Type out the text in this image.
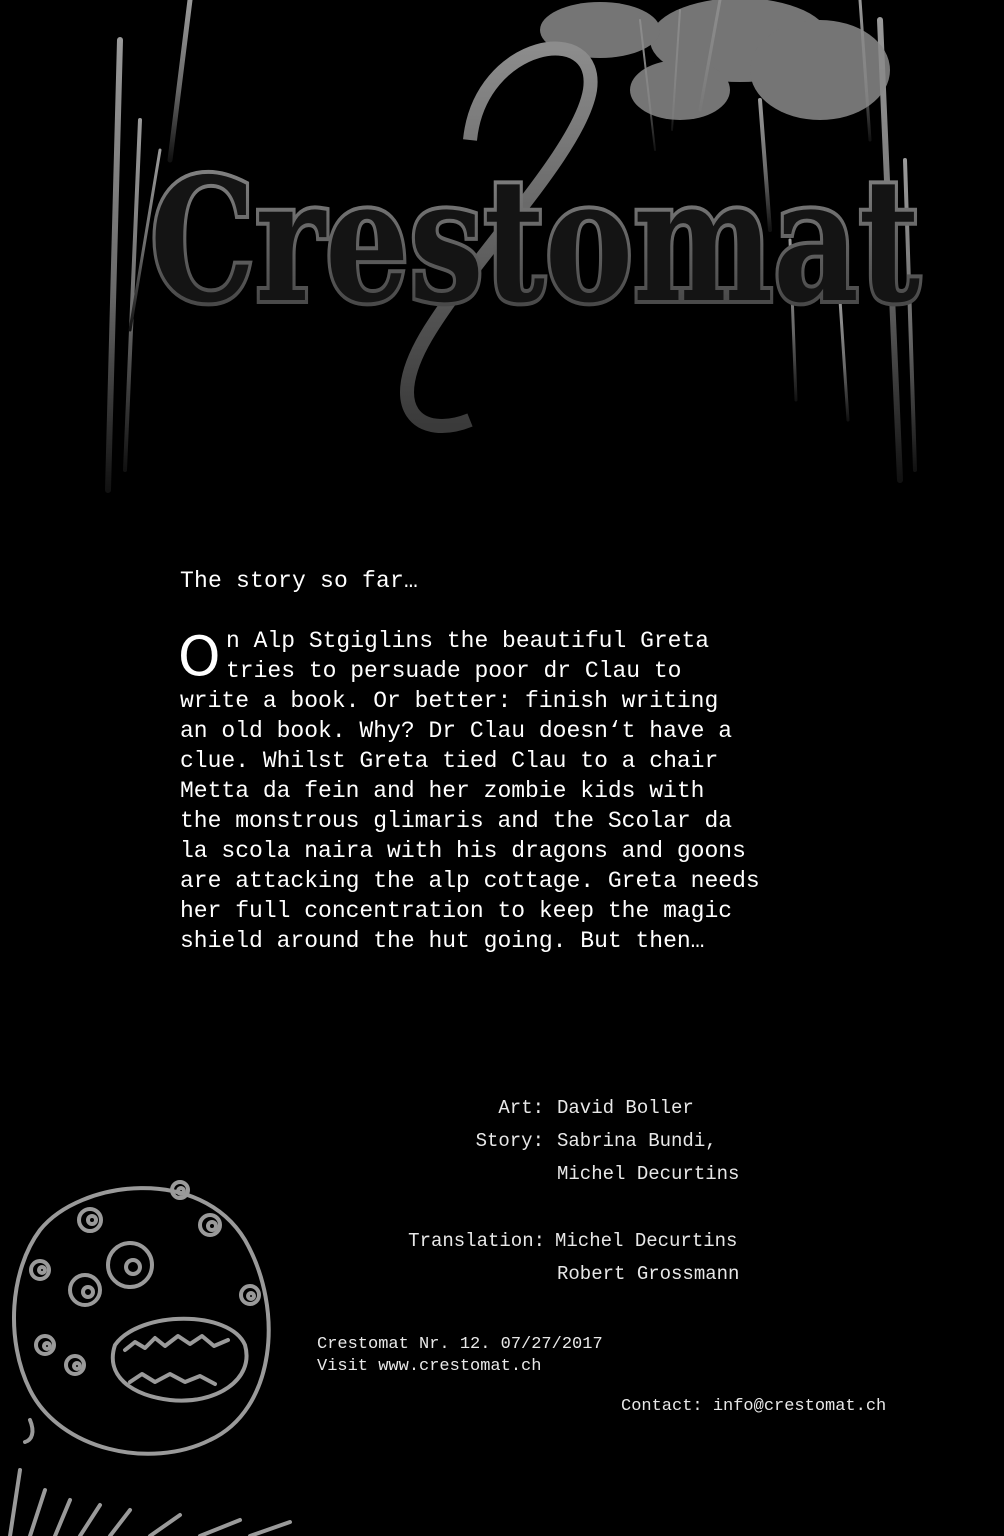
Crestomat
The story so far…
O n Alp Stgiglins the beautiful Greta
tries to persuade poor dr Clau to
write a book. Or better: finish writing
an old book. Why? Dr Clau doesn‘t have a
clue. Whilst Greta tied Clau to a chair
Metta da fein and her zombie kids with
the monstrous glimaris and the Scolar da
la scola naira with his dragons and goons
are attacking the alp cottage. Greta needs
her full concentration to keep the magic
shield around the hut going. But then…
Art: David Boller
Story: Sabrina Bundi,
Michel Decurtins
Translation: Michel Decurtins
Robert Grossmann
Crestomat Nr. 12. 07/27/2017
Visit www.crestomat.ch
Contact: info@crestomat.ch
